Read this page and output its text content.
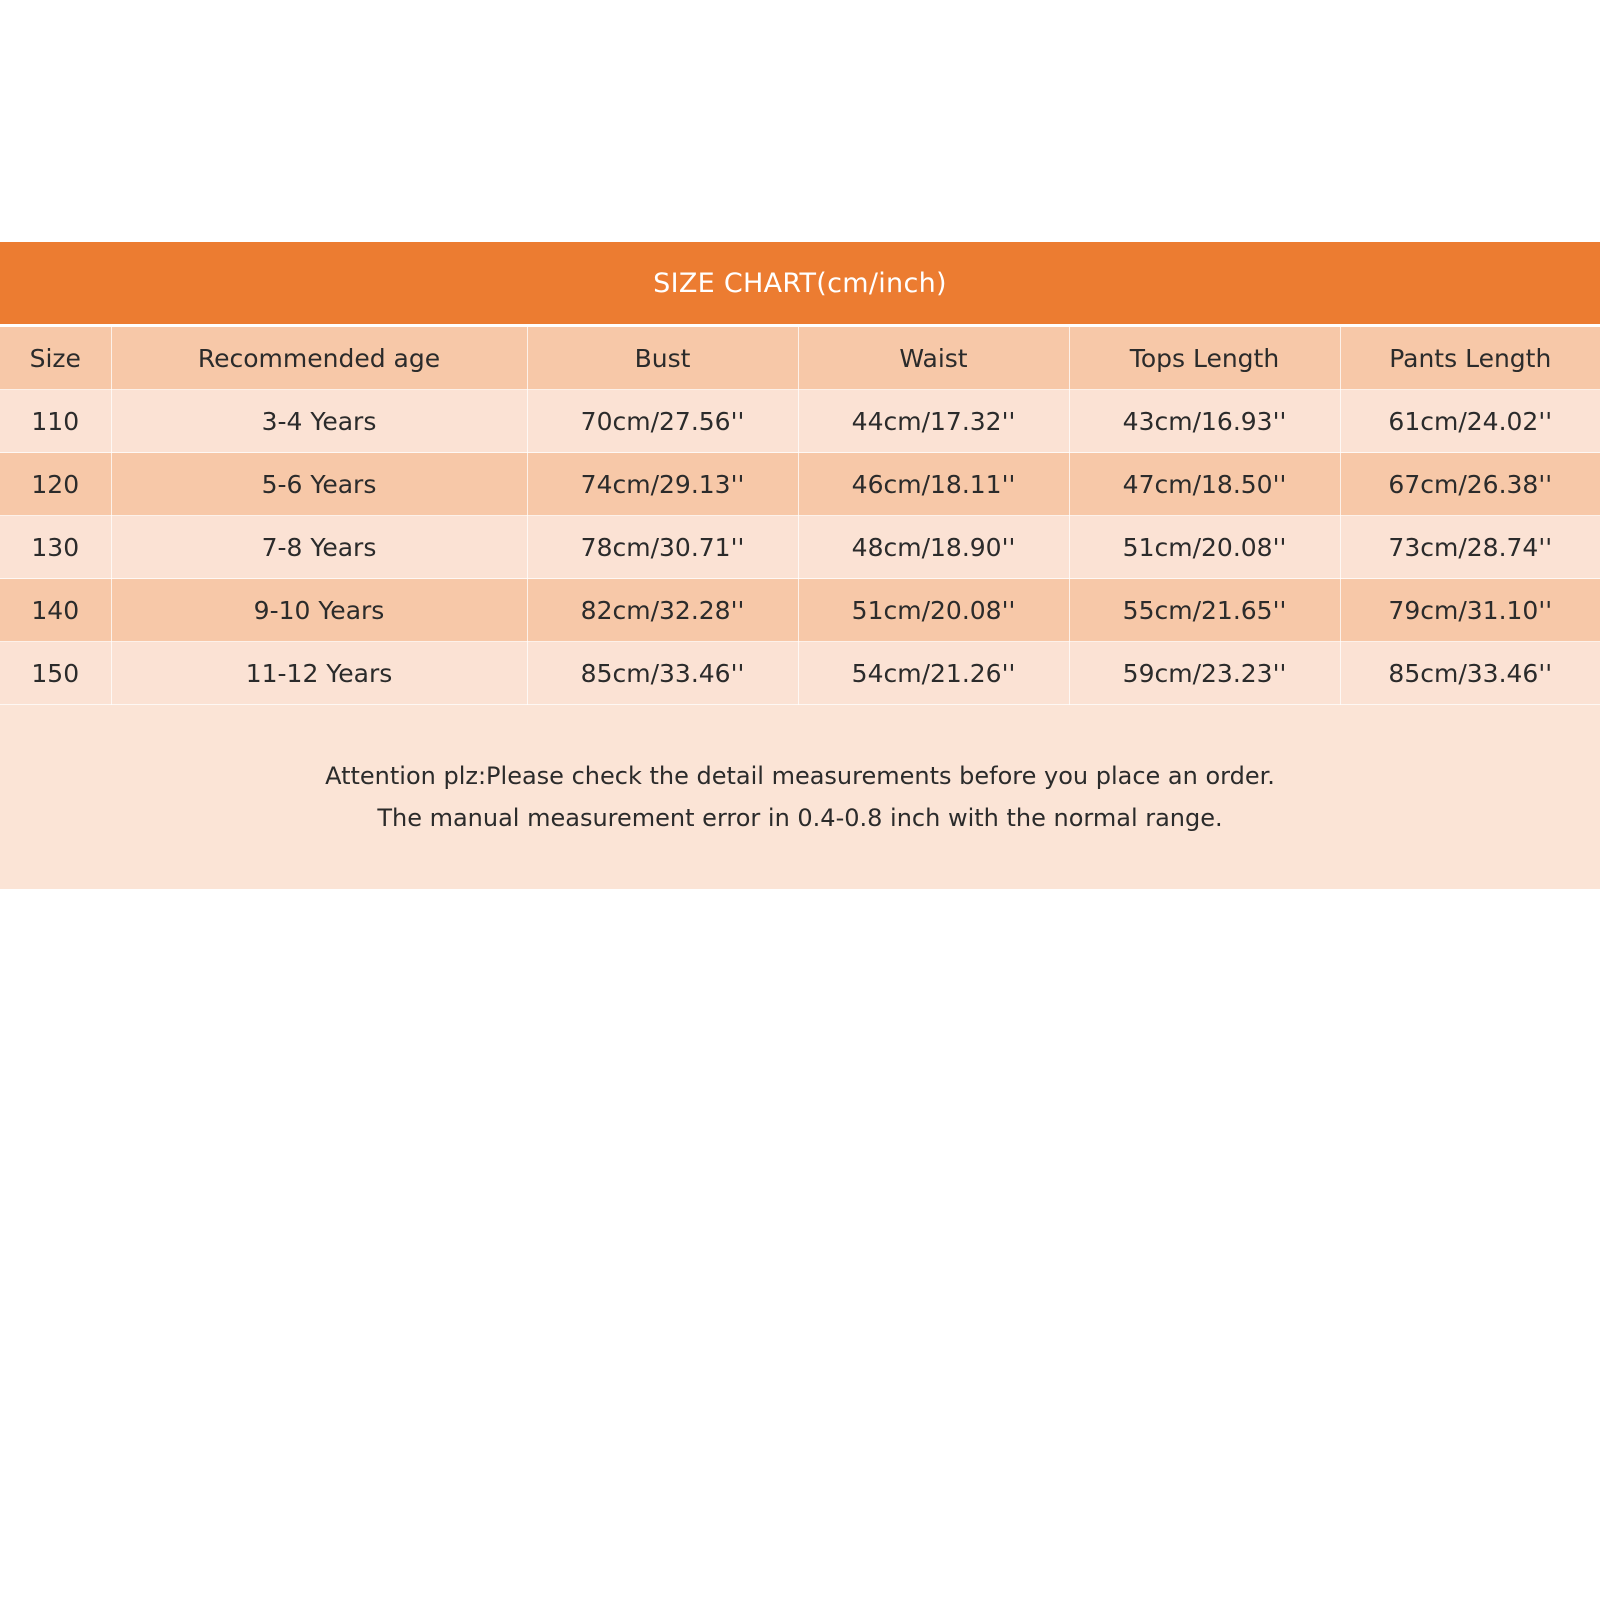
SIZE CHART(cm/inch)
Size	Recommended age	Bust	Waist	Tops Length	Pants Length
110	3-4 Years	70cm/27.56''	44cm/17.32''	43cm/16.93''	61cm/24.02''
120	5-6 Years	74cm/29.13''	46cm/18.11''	47cm/18.50''	67cm/26.38''
130	7-8 Years	78cm/30.71''	48cm/18.90''	51cm/20.08''	73cm/28.74''
140	9-10 Years	82cm/32.28''	51cm/20.08''	55cm/21.65''	79cm/31.10''
150	11-12 Years	85cm/33.46''	54cm/21.26''	59cm/23.23''	85cm/33.46''
Attention plz:Please check the detail measurements before you place an order.
The manual measurement error in 0.4-0.8 inch with the normal range.
